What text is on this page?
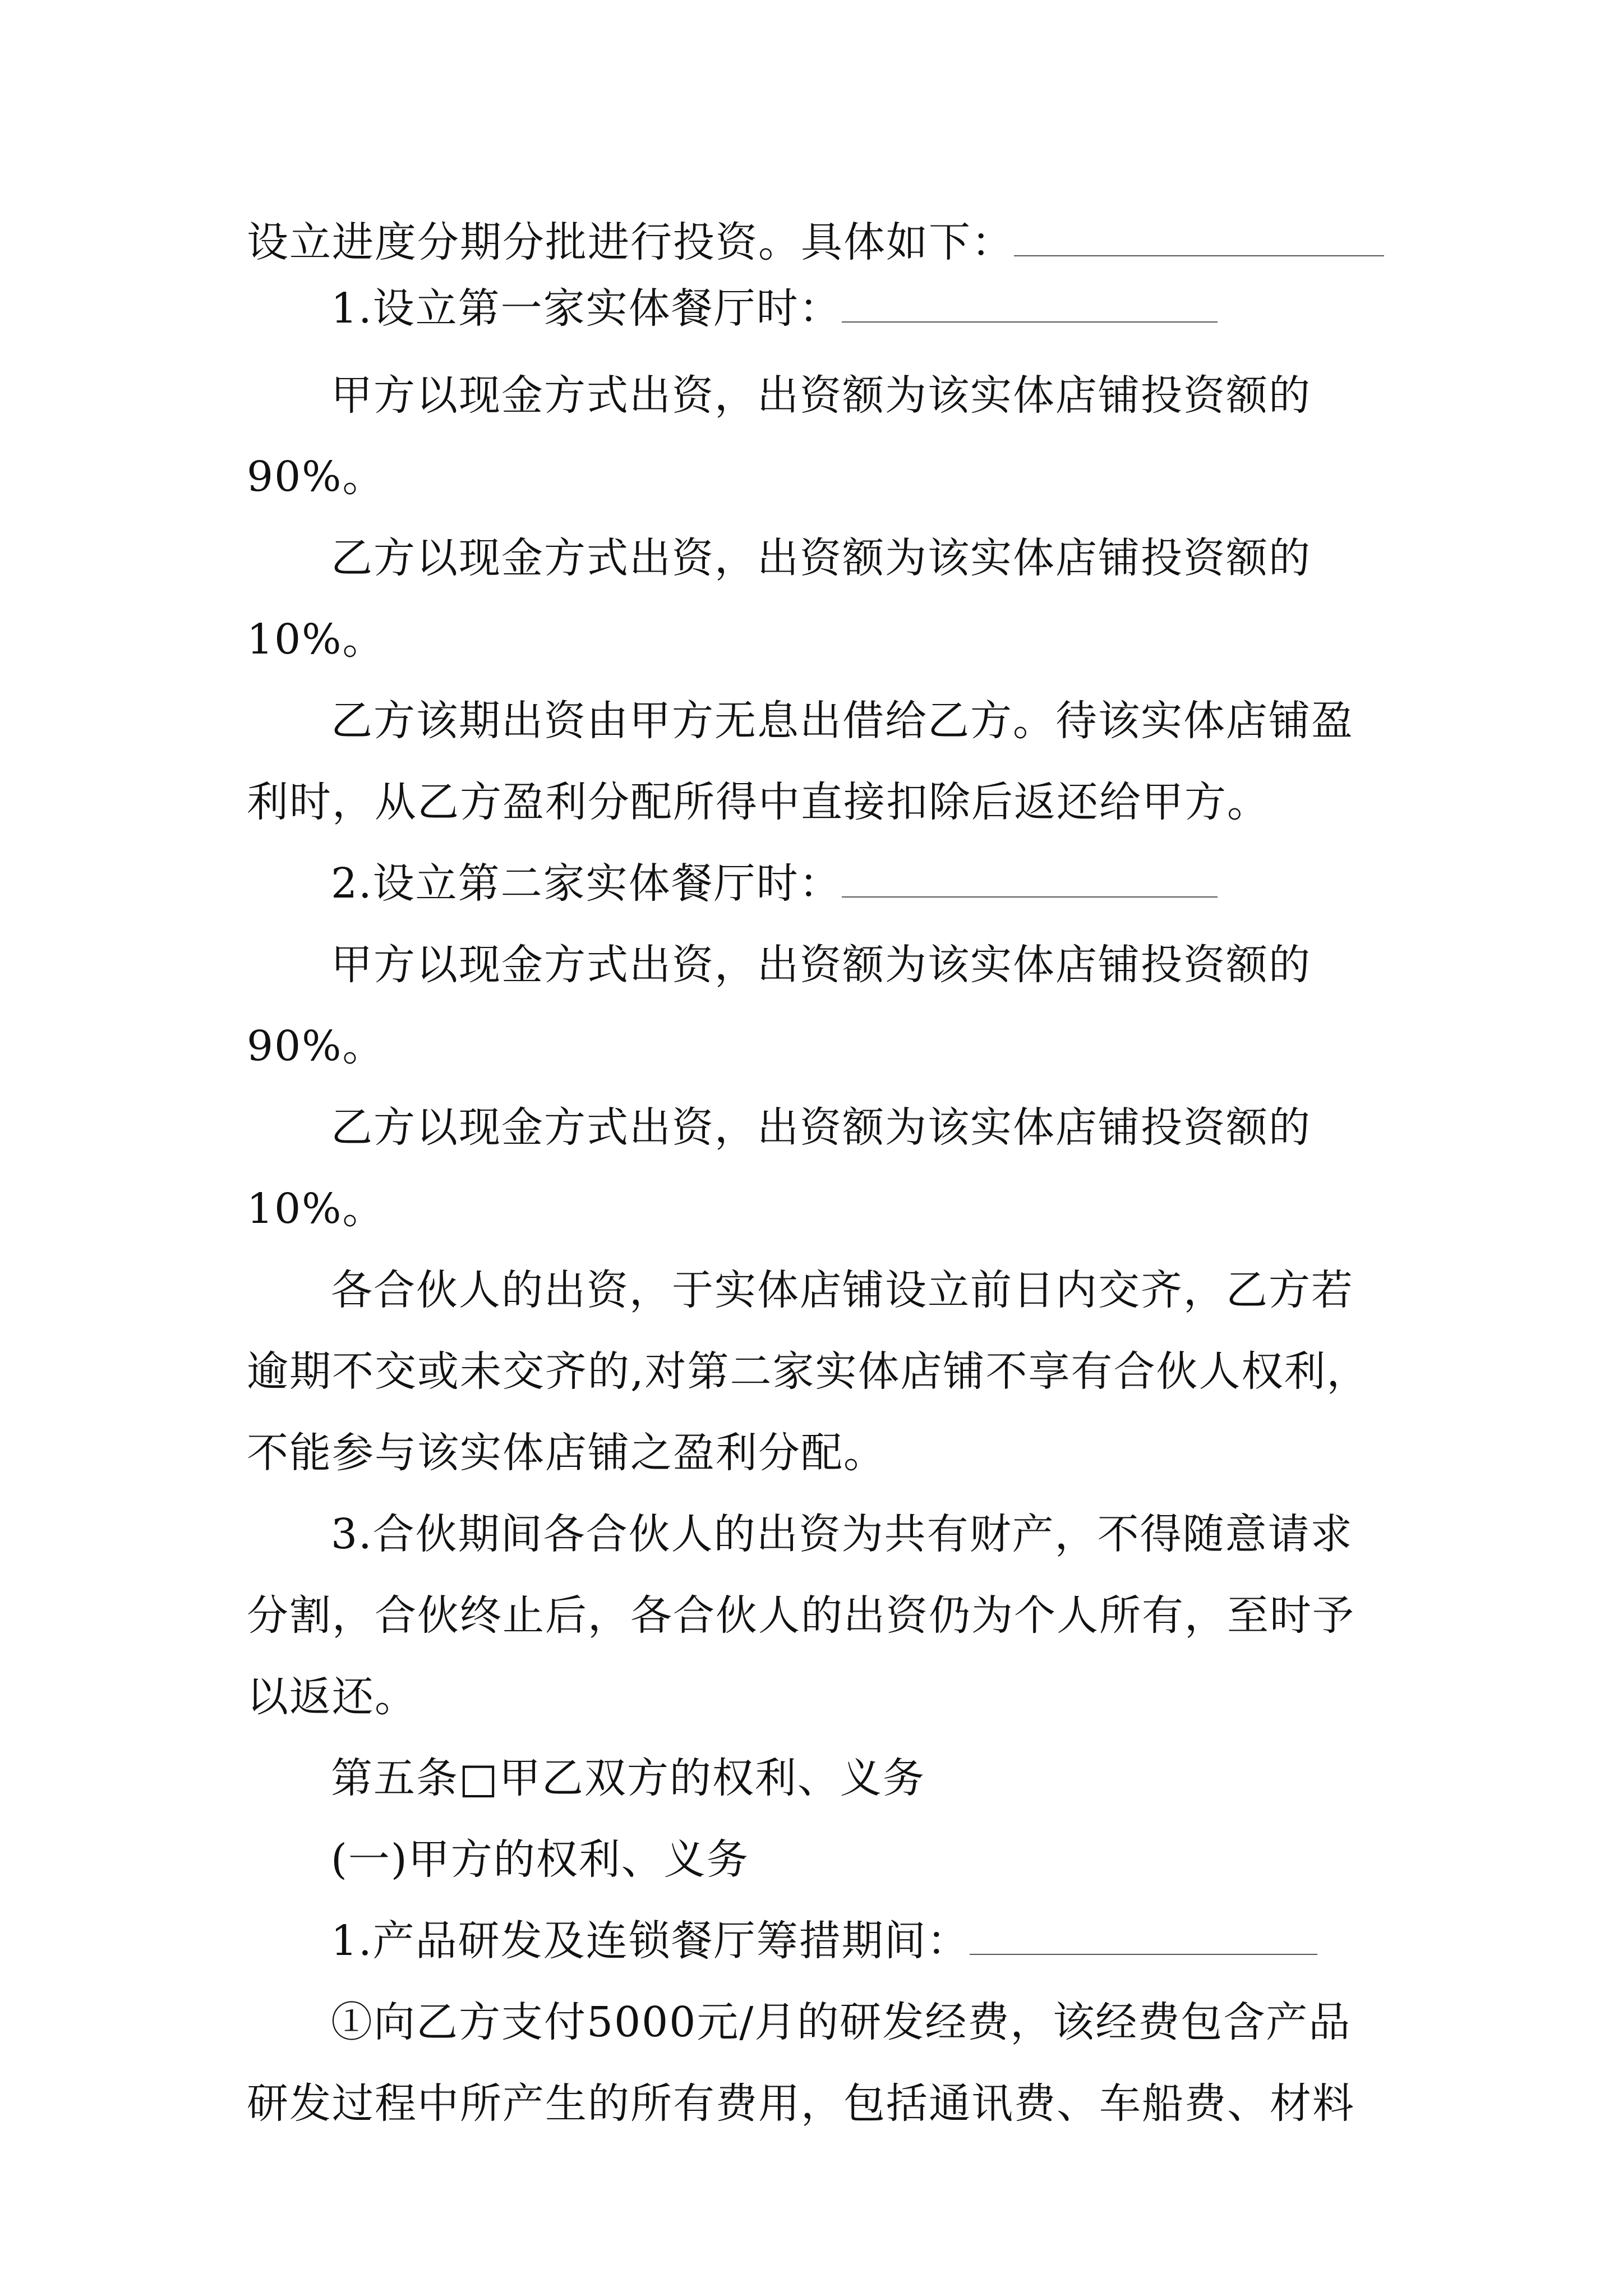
设立进度分期分批进行投资。具体如下：
1.设立第一家实体餐厅时：
甲方以现金方式出资，出资额为该实体店铺投资额的
90%。
乙方以现金方式出资，出资额为该实体店铺投资额的
10%。
乙方该期出资由甲方无息出借给乙方。待该实体店铺盈
利时，从乙方盈利分配所得中直接扣除后返还给甲方。
2.设立第二家实体餐厅时：
甲方以现金方式出资，出资额为该实体店铺投资额的
90%。
乙方以现金方式出资，出资额为该实体店铺投资额的
10%。
各合伙人的出资，于实体店铺设立前日内交齐，乙方若
逾期不交或未交齐的,对第二家实体店铺不享有合伙人权利，
不能参与该实体店铺之盈利分配。
3.合伙期间各合伙人的出资为共有财产，不得随意请求
分割，合伙终止后，各合伙人的出资仍为个人所有，至时予
以返还。
第五条□甲乙双方的权利、义务
(一)甲方的权利、义务
1.产品研发及连锁餐厅筹措期间：
①向乙方支付5000元/月的研发经费，该经费包含产品
研发过程中所产生的所有费用，包括通讯费、车船费、材料
